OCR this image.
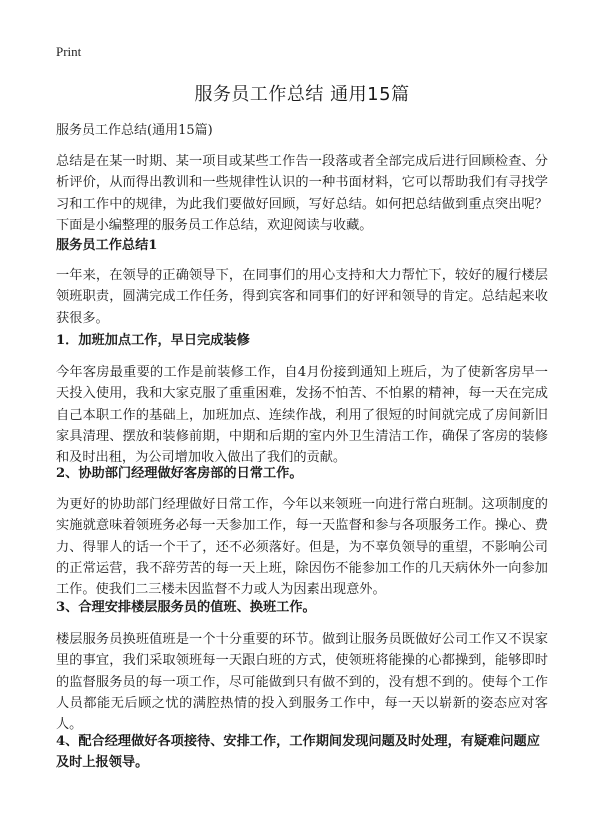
Print
服务员工作总结 通用15篇
服务员工作总结(通用15篇)

总结是在某一时期、某一项目或某些工作告一段落或者全部完成后进行回顾检查、分析评价，从而得出教训和一些规律性认识的一种书面材料，它可以帮助我们有寻找学习和工作中的规律，为此我们要做好回顾，写好总结。如何把总结做到重点突出呢？下面是小编整理的服务员工作总结，欢迎阅读与收藏。

服务员工作总结1

一年来，在领导的正确领导下，在同事们的用心支持和大力帮忙下，较好的履行楼层领班职责，圆满完成工作任务，得到宾客和同事们的好评和领导的肯定。总结起来收获很多。

1．加班加点工作，早日完成装修

今年客房最重要的工作是前装修工作，自4月份接到通知上班后，为了使新客房早一天投入使用，我和大家克服了重重困难，发扬不怕苦、不怕累的精神，每一天在完成自己本职工作的基础上，加班加点、连续作战，利用了很短的时间就完成了房间新旧家具清理、摆放和装修前期，中期和后期的室内外卫生清洁工作，确保了客房的装修和及时出租，为公司增加收入做出了我们的贡献。

2、协助部门经理做好客房部的日常工作。

为更好的协助部门经理做好日常工作，今年以来领班一向进行常白班制。这项制度的实施就意味着领班务必每一天参加工作，每一天监督和参与各项服务工作。操心、费力、得罪人的话一个干了，还不必须落好。但是，为不辜负领导的重望，不影响公司的正常运营，我不辞劳苦的每一天上班，除因伤不能参加工作的几天病休外一向参加工作。使我们二三楼未因监督不力或人为因素出现意外。

3、合理安排楼层服务员的值班、换班工作。

楼层服务员换班值班是一个十分重要的环节。做到让服务员既做好公司工作又不误家里的事宜，我们采取领班每一天跟白班的方式，使领班将能操的心都操到，能够即时的监督服务员的每一项工作，尽可能做到只有做不到的，没有想不到的。使每个工作人员都能无后顾之忧的满腔热情的投入到服务工作中，每一天以崭新的姿态应对客人。

4、配合经理做好各项接待、安排工作，工作期间发现问题及时处理，有疑难问题应及时上报领导。
